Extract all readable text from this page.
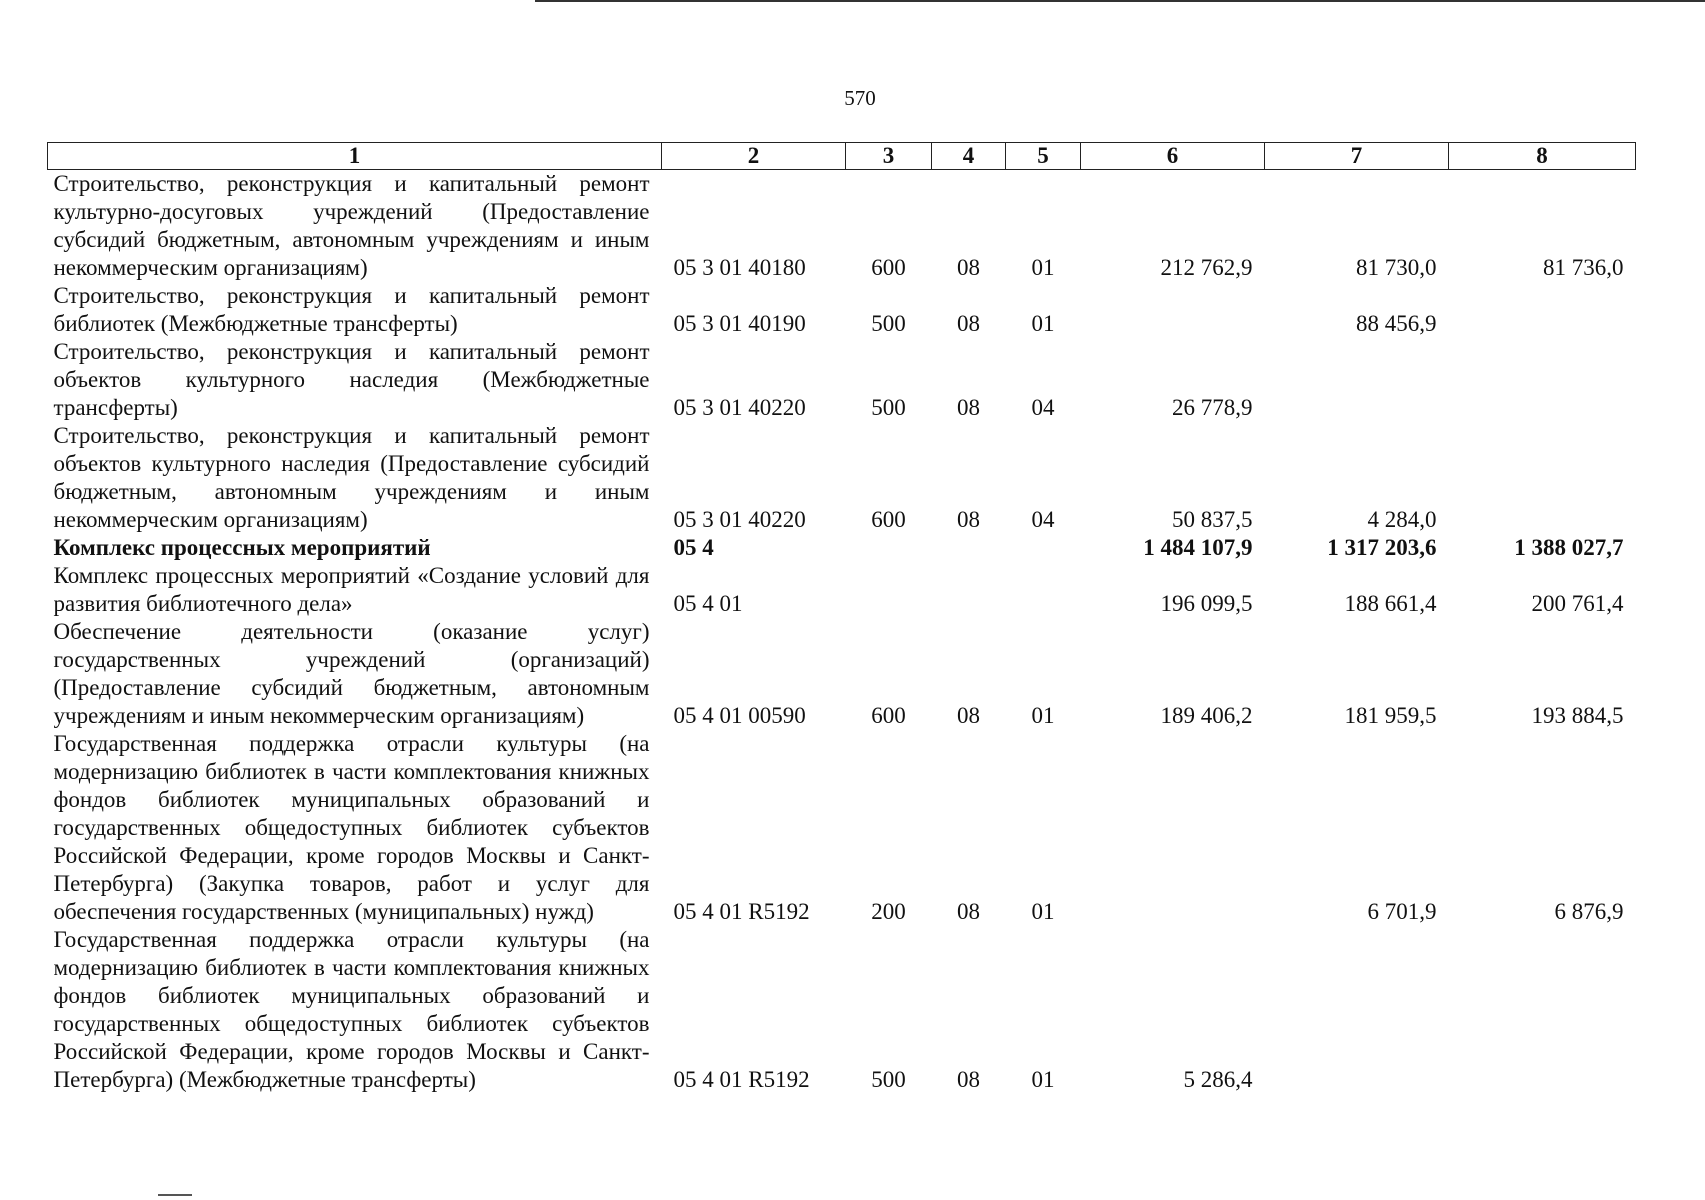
570
1	2	3	4	5	6	7	8
Строительство, реконструкция и капитальный ремонт культурно-досуговых учреждений (Предоставление субсидий бюджетным, автономным учреждениям и иным некоммерческим организациям)	05 3 01 40180	600	08	01	212 762,9	81 730,0	81 736,0
Строительство, реконструкция и капитальный ремонт библиотек (Межбюджетные трансферты)	05 3 01 40190	500	08	01		88 456,9	
Строительство, реконструкция и капитальный ремонт объектов культурного наследия (Межбюджетные трансферты)	05 3 01 40220	500	08	04	26 778,9		
Строительство, реконструкция и капитальный ремонт объектов культурного наследия (Предоставление субсидий бюджетным, автономным учреждениям и иным некоммерческим организациям)	05 3 01 40220	600	08	04	50 837,5	4 284,0	
Комплекс процессных мероприятий	05 4				1 484 107,9	1 317 203,6	1 388 027,7
Комплекс процессных мероприятий «Создание условий для развития библиотечного дела»	05 4 01				196 099,5	188 661,4	200 761,4
Обеспечение деятельности (оказание услуг) государственных учреждений (организаций) (Предоставление субсидий бюджетным, автономным учреждениям и иным некоммерческим организациям)	05 4 01 00590	600	08	01	189 406,2	181 959,5	193 884,5
Государственная поддержка отрасли культуры (на модернизацию библиотек в части комплектования книжных фондов библиотек муниципальных образований и государственных общедоступных библиотек субъектов Российской Федерации, кроме городов Москвы и Санкт-Петербурга) (Закупка товаров, работ и услуг для обеспечения государственных (муниципальных) нужд)	05 4 01 R5192	200	08	01		6 701,9	6 876,9
Государственная поддержка отрасли культуры (на модернизацию библиотек в части комплектования книжных фондов библиотек муниципальных образований и государственных общедоступных библиотек субъектов Российской Федерации, кроме городов Москвы и Санкт-Петербурга) (Межбюджетные трансферты)	05 4 01 R5192	500	08	01	5 286,4		
